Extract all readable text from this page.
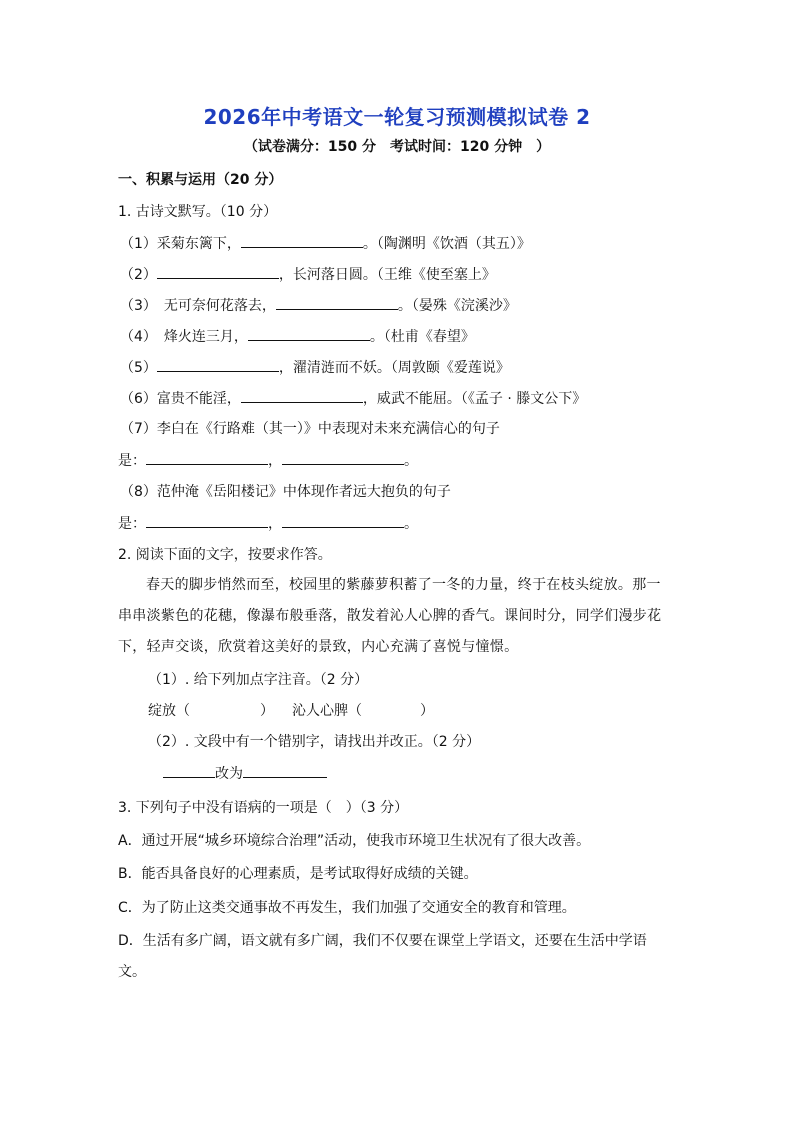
2026年中考语文一轮复习预测模拟试卷 2
（试卷满分：150 分　考试时间：120 分钟　）
一、积累与运用（20 分）
1. 古诗文默写。（10 分）
（1）采菊东篱下，	。（陶渊明《饮酒（其五）》
（2）	，长河落日圆。（王维《使至塞上》
（3）　无可奈何花落去，	。（晏殊《浣溪沙》
（4）　烽火连三月，	。（杜甫《春望》
（5）	，濯清涟而不妖。（周敦颐《爱莲说》
（6）富贵不能淫，	，威武不能屈。（《孟子 · 滕文公下》
（7）李白在《行路难（其一）》中表现对未来充满信心的句子
是：	，	。
（8）范仲淹《岳阳楼记》中体现作者远大抱负的句子
是：	，	。
2. 阅读下面的文字，按要求作答。
春天的脚步悄然而至，校园里的紫藤萝积蓄了一冬的力量，终于在枝头绽放。那一串串淡紫色的花穗，像瀑布般垂落，散发着沁人心脾的香气。课间时分，同学们漫步花下，轻声交谈，欣赏着这美好的景致，内心充满了喜悦与憧憬。
（1）. 给下列加点字注音。（2 分）
绽放（	） 沁人心脾（	）
（2）. 文段中有一个错别字，请找出并改正。（2 分）
改为
3. 下列句子中没有语病的一项是（　）（3 分）
A．通过开展“城乡环境综合治理”活动，使我市环境卫生状况有了很大改善。
B．能否具备良好的心理素质，是考试取得好成绩的关键。
C．为了防止这类交通事故不再发生，我们加强了交通安全的教育和管理。
D．生活有多广阔，语文就有多广阔，我们不仅要在课堂上学语文，还要在生活中学语文。
